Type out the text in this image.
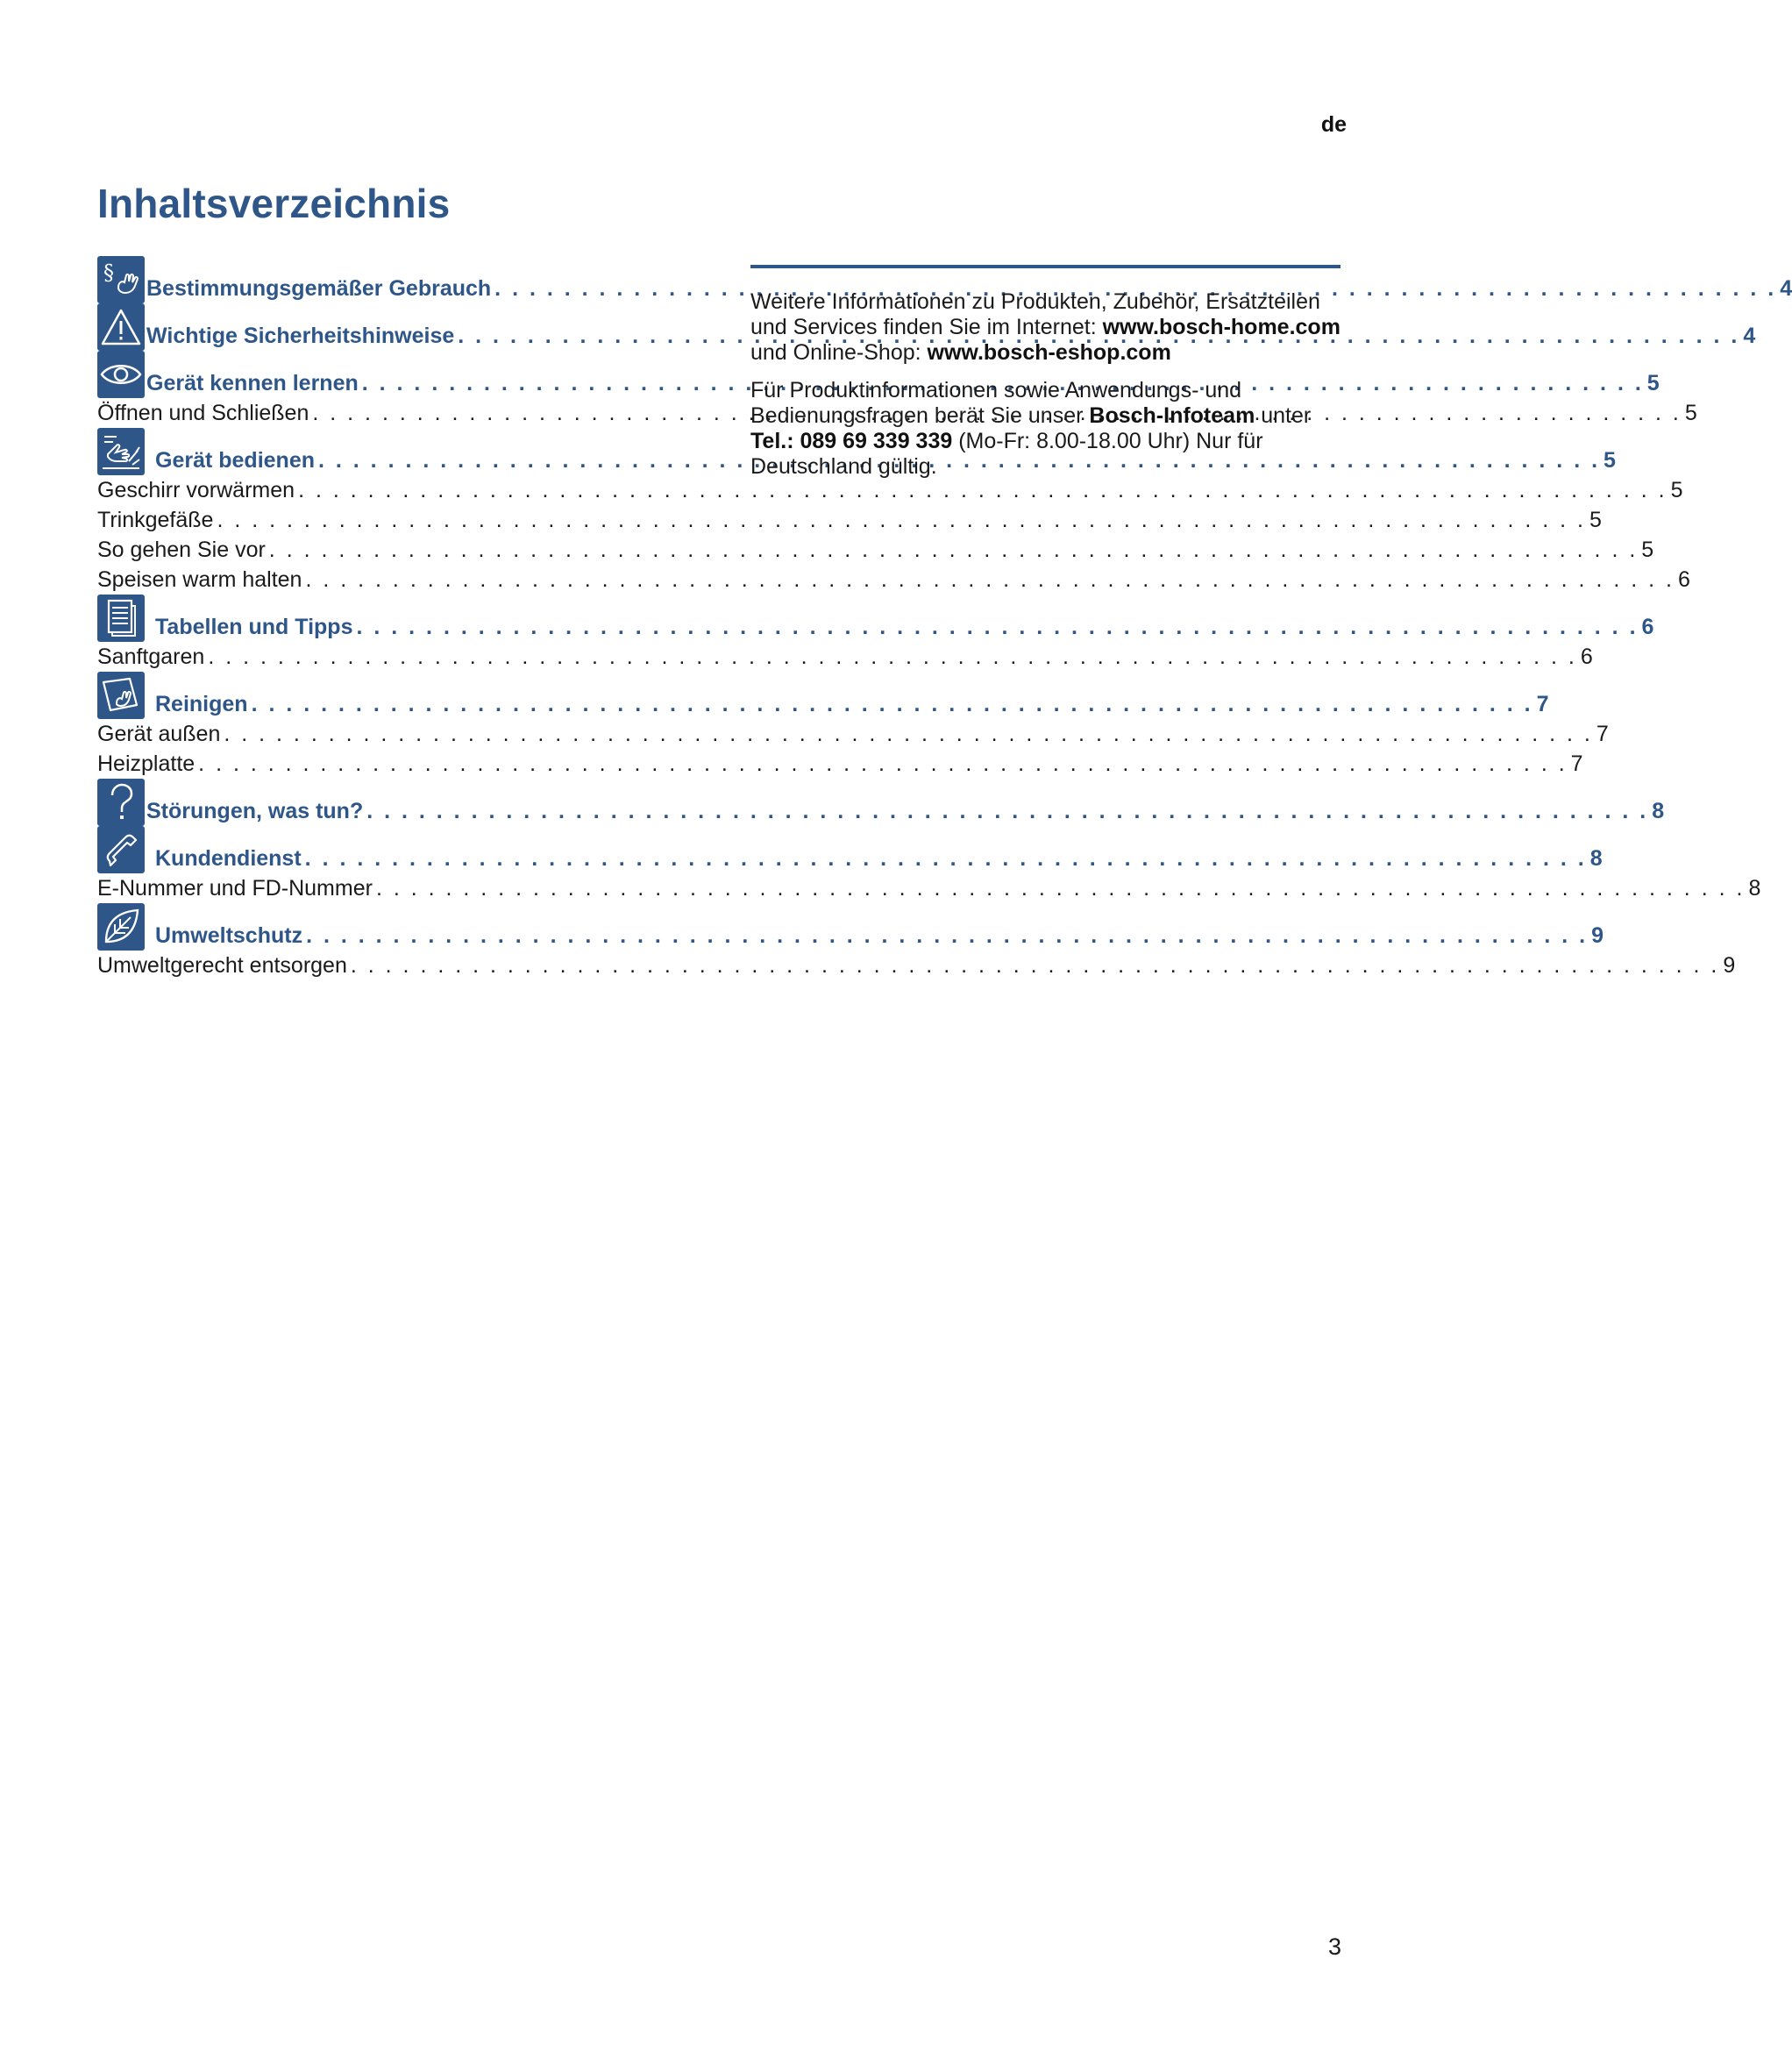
de
Inhaltsverzeichnis
§
Bestimmungsgemäßer Gebrauch . . .	4
Wichtige Sicherheitshinweise . . .	4
Gerät kennen lernen . . .	5
Öffnen und Schließen . . .	5
Gerät bedienen . . .	5
Geschirr vorwärmen . . .	5
Trinkgefäße . . .	5
So gehen Sie vor . . .	5
Speisen warm halten . . .	6
Tabellen und Tipps . . .	6
Sanftgaren . . .	6
Reinigen . . .	7
Gerät außen . . .	7
Heizplatte . . .	7
Störungen, was tun? . . .	8
Kundendienst . . .	8
E-Nummer und FD-Nummer . . .	8
Umweltschutz . . .	9
Umweltgerecht entsorgen . . .	9

Weitere Informationen zu Produkten, Zubehör, Ersatzteilen und Services finden Sie im Internet: www.bosch-home.com und Online-Shop: www.bosch-eshop.com

Für Produktinformationen sowie Anwendungs- und Bedienungsfragen berät Sie unser Bosch-Infoteam unter Tel.: 089 69 339 339 (Mo-Fr: 8.00-18.00 Uhr) Nur für Deutschland gültig.

3
